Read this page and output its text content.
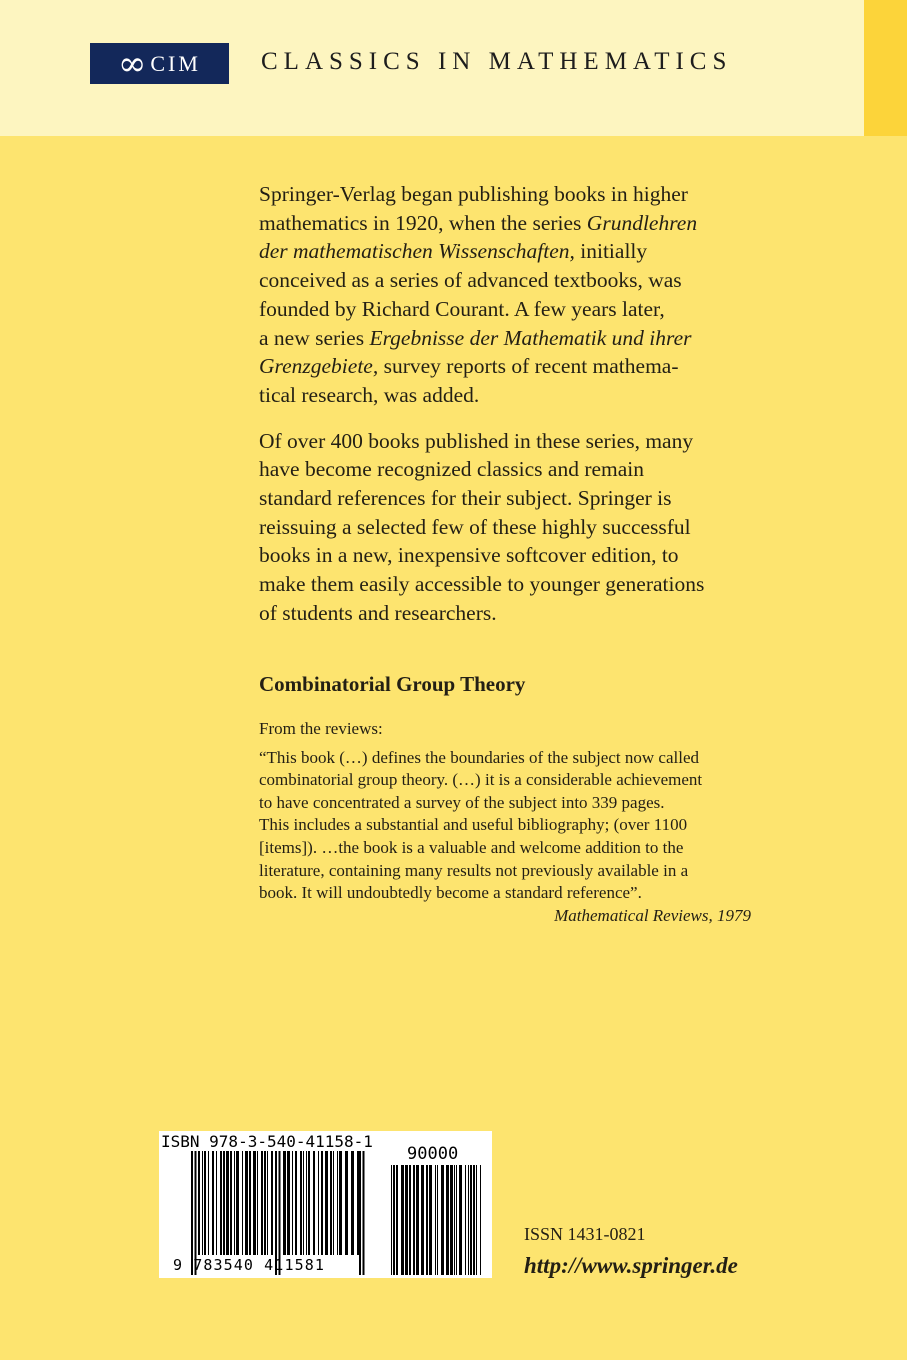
∞ CIM CLASSICS IN MATHEMATICS

Springer-Verlag began publishing books in higher
mathematics in 1920, when the series Grundlehren
der mathematischen Wissenschaften, initially
conceived as a series of advanced textbooks, was
founded by Richard Courant. A few years later,
a new series Ergebnisse der Mathematik und ihrer
Grenzgebiete, survey reports of recent mathema-
tical research, was added.

Of over 400 books published in these series, many
have become recognized classics and remain
standard references for their subject. Springer is
reissuing a selected few of these highly successful
books in a new, inexpensive softcover edition, to
make them easily accessible to younger generations
of students and researchers.

Combinatorial Group Theory
From the reviews:
“This book (…) defines the boundaries of the subject now called
combinatorial group theory. (…) it is a considerable achievement
to have concentrated a survey of the subject into 339 pages.
This includes a substantial and useful bibliography; (over 1100
[items]). …the book is a valuable and welcome addition to the
literature, containing many results not previously available in a
book. It will undoubtedly become a standard reference”.
Mathematical Reviews, 1979
ISBN 978-3-540-41158-1
90000
9 783540 411581
ISSN 1431-0821
http://www.springer.de
